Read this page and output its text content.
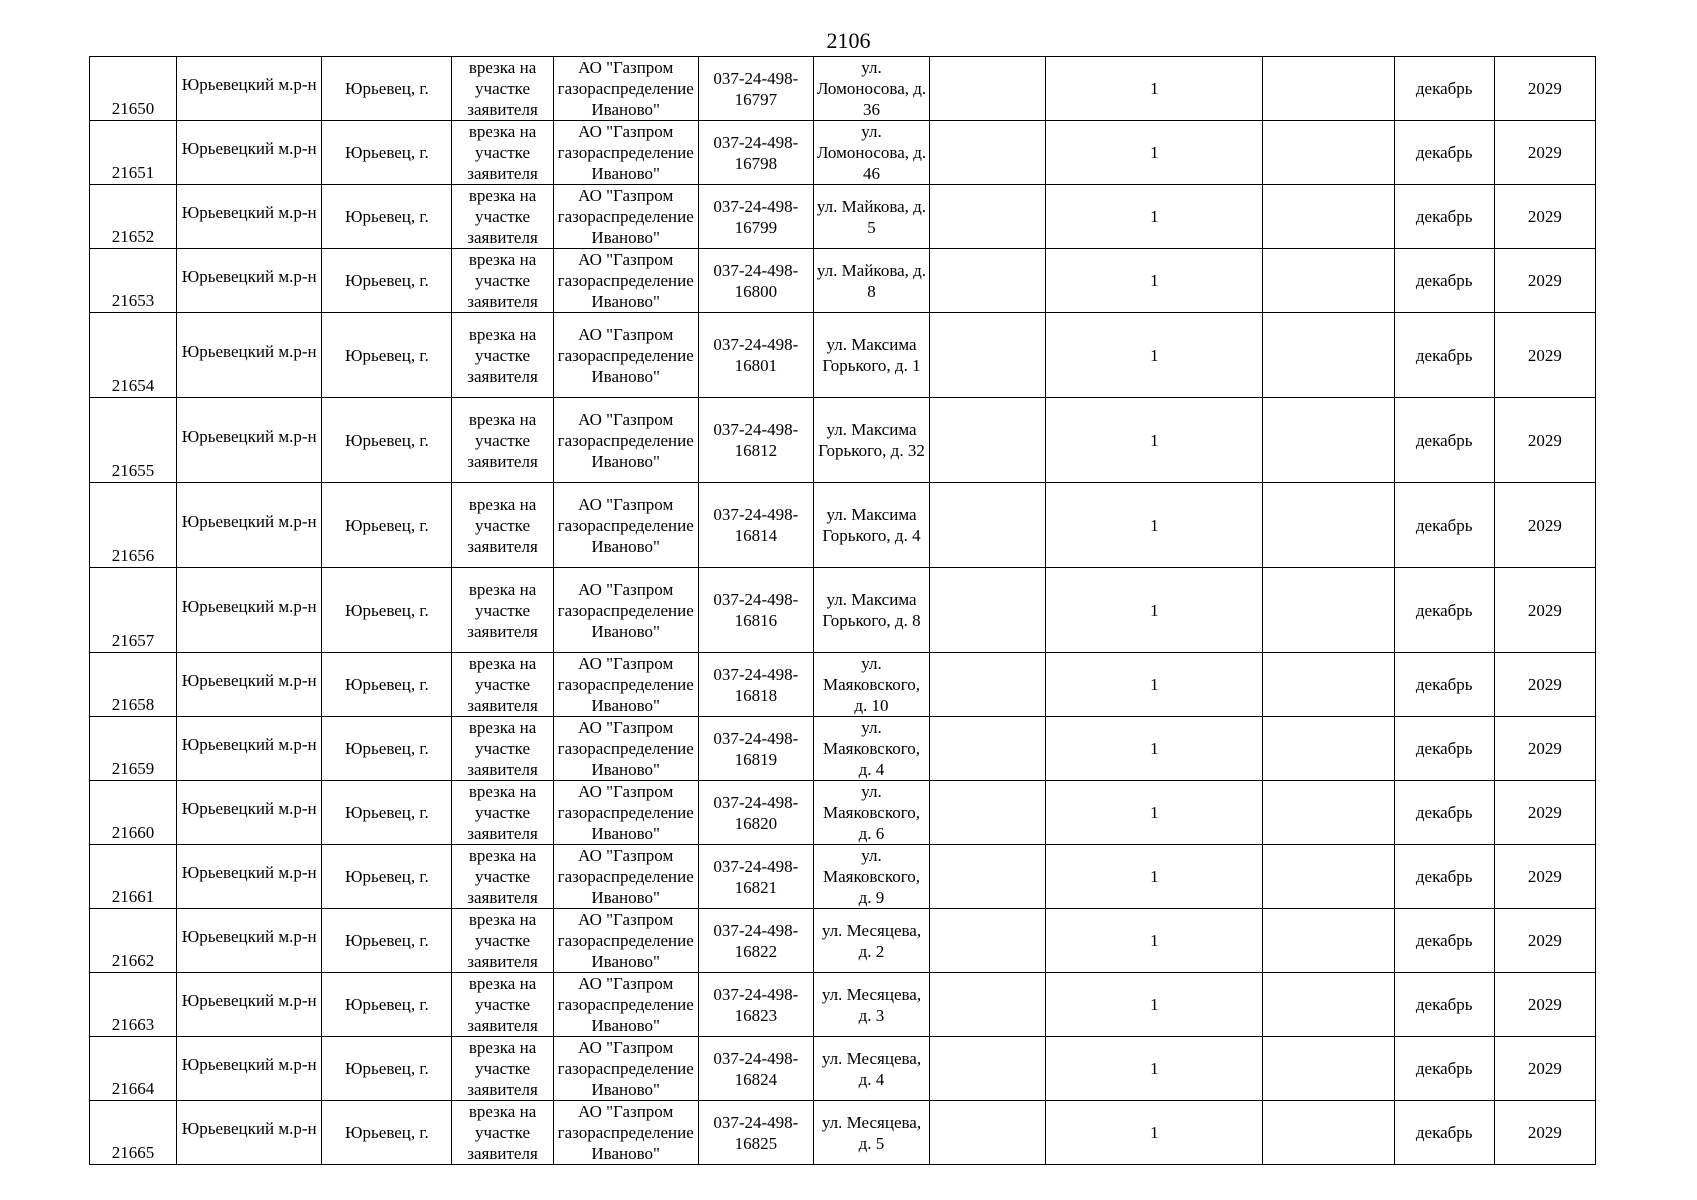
2106
21650	Юрьевецкий м.р-н	Юрьевец, г.	врезка на участке заявителя	АО "Газпром газораспределение Иваново"	037-24-498-16797	ул. Ломоносова, д. 36		1		декабрь	2029
21651	Юрьевецкий м.р-н	Юрьевец, г.	врезка на участке заявителя	АО "Газпром газораспределение Иваново"	037-24-498-16798	ул. Ломоносова, д. 46		1		декабрь	2029
21652	Юрьевецкий м.р-н	Юрьевец, г.	врезка на участке заявителя	АО "Газпром газораспределение Иваново"	037-24-498-16799	ул. Майкова, д. 5		1		декабрь	2029
21653	Юрьевецкий м.р-н	Юрьевец, г.	врезка на участке заявителя	АО "Газпром газораспределение Иваново"	037-24-498-16800	ул. Майкова, д. 8		1		декабрь	2029
21654	Юрьевецкий м.р-н	Юрьевец, г.	врезка на участке заявителя	АО "Газпром газораспределение Иваново"	037-24-498-16801	ул. Максима Горького, д. 1		1		декабрь	2029
21655	Юрьевецкий м.р-н	Юрьевец, г.	врезка на участке заявителя	АО "Газпром газораспределение Иваново"	037-24-498-16812	ул. Максима Горького, д. 32		1		декабрь	2029
21656	Юрьевецкий м.р-н	Юрьевец, г.	врезка на участке заявителя	АО "Газпром газораспределение Иваново"	037-24-498-16814	ул. Максима Горького, д. 4		1		декабрь	2029
21657	Юрьевецкий м.р-н	Юрьевец, г.	врезка на участке заявителя	АО "Газпром газораспределение Иваново"	037-24-498-16816	ул. Максима Горького, д. 8		1		декабрь	2029
21658	Юрьевецкий м.р-н	Юрьевец, г.	врезка на участке заявителя	АО "Газпром газораспределение Иваново"	037-24-498-16818	ул. Маяковского, д. 10		1		декабрь	2029
21659	Юрьевецкий м.р-н	Юрьевец, г.	врезка на участке заявителя	АО "Газпром газораспределение Иваново"	037-24-498-16819	ул. Маяковского, д. 4		1		декабрь	2029
21660	Юрьевецкий м.р-н	Юрьевец, г.	врезка на участке заявителя	АО "Газпром газораспределение Иваново"	037-24-498-16820	ул. Маяковского, д. 6		1		декабрь	2029
21661	Юрьевецкий м.р-н	Юрьевец, г.	врезка на участке заявителя	АО "Газпром газораспределение Иваново"	037-24-498-16821	ул. Маяковского, д. 9		1		декабрь	2029
21662	Юрьевецкий м.р-н	Юрьевец, г.	врезка на участке заявителя	АО "Газпром газораспределение Иваново"	037-24-498-16822	ул. Месяцева, д. 2		1		декабрь	2029
21663	Юрьевецкий м.р-н	Юрьевец, г.	врезка на участке заявителя	АО "Газпром газораспределение Иваново"	037-24-498-16823	ул. Месяцева, д. 3		1		декабрь	2029
21664	Юрьевецкий м.р-н	Юрьевец, г.	врезка на участке заявителя	АО "Газпром газораспределение Иваново"	037-24-498-16824	ул. Месяцева, д. 4		1		декабрь	2029
21665	Юрьевецкий м.р-н	Юрьевец, г.	врезка на участке заявителя	АО "Газпром газораспределение Иваново"	037-24-498-16825	ул. Месяцева, д. 5		1		декабрь	2029
